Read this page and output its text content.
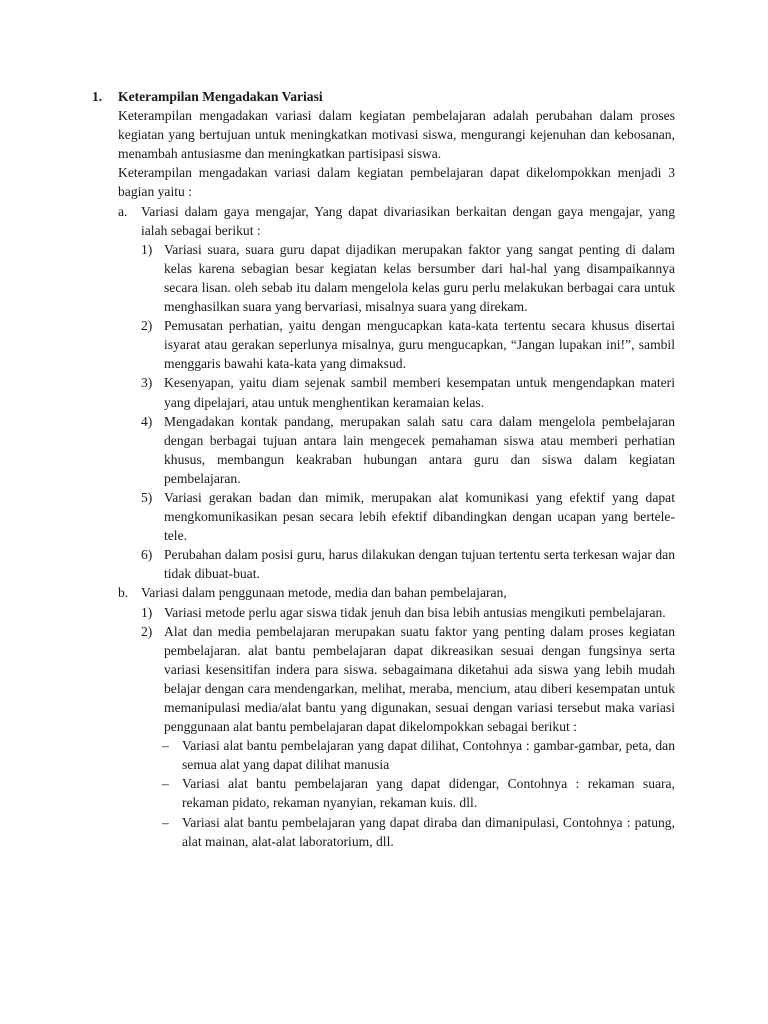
1. Keterampilan Mengadakan Variasi

Keterampilan mengadakan variasi dalam kegiatan pembelajaran adalah perubahan dalam proses kegiatan yang bertujuan untuk meningkatkan motivasi siswa, mengurangi kejenuhan dan kebosanan, menambah antusiasme dan meningkatkan partisipasi siswa.

Keterampilan mengadakan variasi dalam kegiatan pembelajaran dapat dikelompokkan menjadi 3 bagian yaitu :

a. Variasi dalam gaya mengajar, Yang dapat divariasikan berkaitan dengan gaya mengajar, yang ialah sebagai berikut :

1) Variasi suara, suara guru dapat dijadikan merupakan faktor yang sangat penting di dalam kelas karena sebagian besar kegiatan kelas bersumber dari hal-hal yang disampaikannya secara lisan. oleh sebab itu dalam mengelola kelas guru perlu melakukan berbagai cara untuk menghasilkan suara yang bervariasi, misalnya suara yang direkam.

2) Pemusatan perhatian, yaitu dengan mengucapkan kata-kata tertentu secara khusus disertai isyarat atau gerakan seperlunya misalnya, guru mengucapkan, “Jangan lupakan ini!”, sambil menggaris bawahi kata-kata yang dimaksud.

3) Kesenyapan, yaitu diam sejenak sambil memberi kesempatan untuk mengendapkan materi yang dipelajari, atau untuk menghentikan keramaian kelas.

4) Mengadakan kontak pandang, merupakan salah satu cara dalam mengelola pembelajaran dengan berbagai tujuan antara lain mengecek pemahaman siswa atau memberi perhatian khusus, membangun keakraban hubungan antara guru dan siswa dalam kegiatan pembelajaran.

5) Variasi gerakan badan dan mimik, merupakan alat komunikasi yang efektif yang dapat mengkomunikasikan pesan secara lebih efektif dibandingkan dengan ucapan yang bertele-tele.

6) Perubahan dalam posisi guru, harus dilakukan dengan tujuan tertentu serta terkesan wajar dan tidak dibuat-buat.

b. Variasi dalam penggunaan metode, media dan bahan pembelajaran,

1) Variasi metode perlu agar siswa tidak jenuh dan bisa lebih antusias mengikuti pembelajaran.

2) Alat dan media pembelajaran merupakan suatu faktor yang penting dalam proses kegiatan pembelajaran. alat bantu pembelajaran dapat dikreasikan sesuai dengan fungsinya serta variasi kesensitifan indera para siswa. sebagaimana diketahui ada siswa yang lebih mudah belajar dengan cara mendengarkan, melihat, meraba, mencium, atau diberi kesempatan untuk memanipulasi media/alat bantu yang digunakan, sesuai dengan variasi tersebut maka variasi penggunaan alat bantu pembelajaran dapat dikelompokkan sebagai berikut :

– Variasi alat bantu pembelajaran yang dapat dilihat, Contohnya : gambar-gambar, peta, dan semua alat yang dapat dilihat manusia

– Variasi alat bantu pembelajaran yang dapat didengar, Contohnya : rekaman suara, rekaman pidato, rekaman nyanyian, rekaman kuis. dll.

– Variasi alat bantu pembelajaran yang dapat diraba dan dimanipulasi, Contohnya : patung, alat mainan, alat-alat laboratorium, dll.
